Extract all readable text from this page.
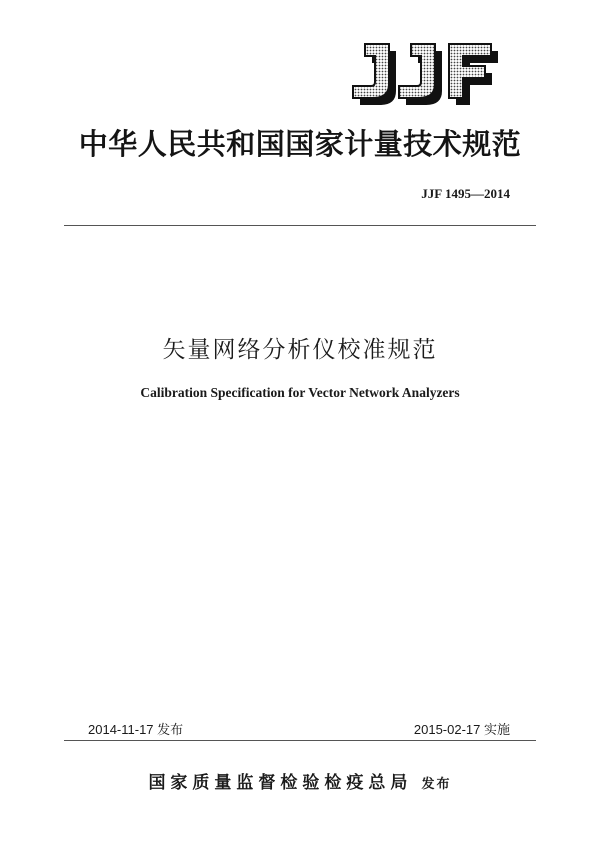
中华人民共和国国家计量技术规范
JJF 1495—2014
矢量网络分析仪校准规范
Calibration Specification for Vector Network Analyzers
2014-11-17 发布	2015-02-17 实施
国家质量监督检验检疫总局 发布
